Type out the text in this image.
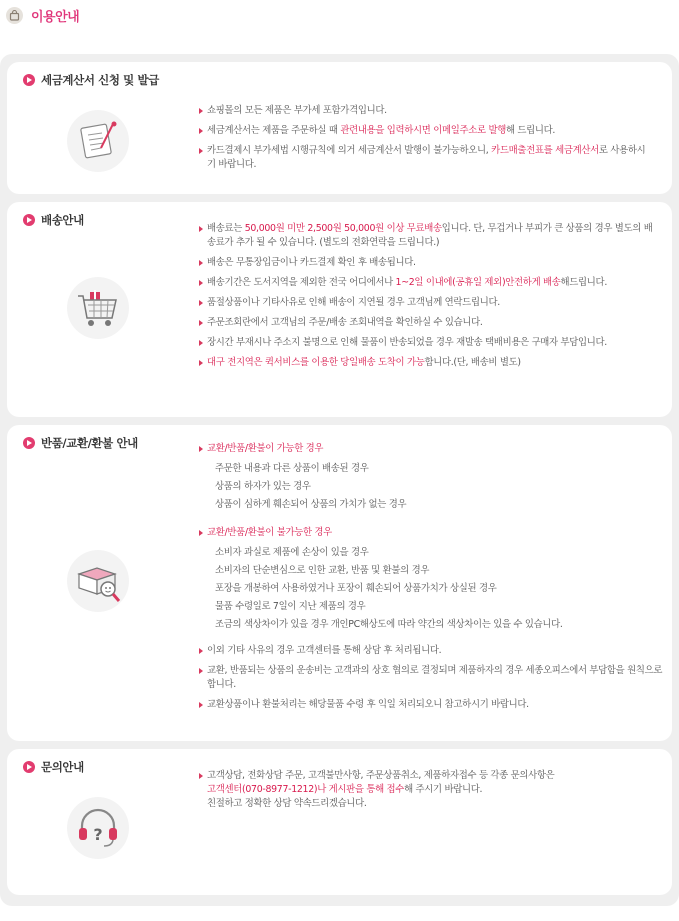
이용안내
세금계산서 신청 및 발급
쇼핑몰의 모든 제품은 부가세 포함가격입니다.
세금계산서는 제품을 주문하실 때 관련내용을 입력하시면 이메일주소로 발행해 드립니다.
카드결제시 부가세법 시행규칙에 의거 세금계산서 발행이 불가능하오니, 카드매출전표를 세금계산서로 사용하시기 바랍니다.
배송안내
배송료는 50,000원 미만 2,500원 50,000원 이상 무료배송입니다. 단, 무겁거나 부피가 큰 상품의 경우 별도의 배송료가 추가 될 수 있습니다. (별도의 전화연락을 드립니다.)
배송은 무통장입금이나 카드결제 확인 후 배송됩니다.
배송기간은 도서지역을 제외한 전국 어디에서나 1~2일 이내에(공휴일 제외)안전하게 배송해드립니다.
품절상품이나 기타사유로 인해 배송이 지연될 경우 고객님께 연락드립니다.
주문조회란에서 고객님의 주문/배송 조회내역을 확인하실 수 있습니다.
장시간 부재시나 주소지 불명으로 인해 물품이 반송되었을 경우 재발송 택배비용은 구매자 부담입니다.
대구 전지역은 퀵서비스를 이용한 당일배송 도착이 가능합니다.(단, 배송비 별도)
반품/교환/환불 안내	교환/반품/환불이 가능한 경우
주문한 내용과 다른 상품이 배송된 경우
상품의 하자가 있는 경우
상품이 심하게 훼손되어 상품의 가치가 없는 경우
교환/반품/환불이 불가능한 경우
소비자 과실로 제품에 손상이 있을 경우
소비자의 단순변심으로 인한 교환, 반품 및 환불의 경우
포장을 개봉하여 사용하였거나 포장이 훼손되어 상품가치가 상실된 경우
물품 수령일로 7일이 지난 제품의 경우
조금의 색상차이가 있을 경우 개인PC해상도에 따라 약간의 색상차이는 있을 수 있습니다.
이외 기타 사유의 경우 고객센터를 통해 상담 후 처리됩니다.
교환, 반품되는 상품의 운송비는 고객과의 상호 협의로 결정되며 제품하자의 경우 세종오피스에서 부담함을 원칙으로 합니다.
교환상품이나 환불처리는 해당물품 수령 후 익일 처리되오니 참고하시기 바랍니다.
문의안내
?
고객상담, 전화상담 주문, 고객불만사항, 주문상품취소, 제품하자접수 등 각종 문의사항은
고객센터(070-8977-1212)나 게시판을 통해 접수해 주시기 바랍니다.
친절하고 정확한 상담 약속드리겠습니다.
